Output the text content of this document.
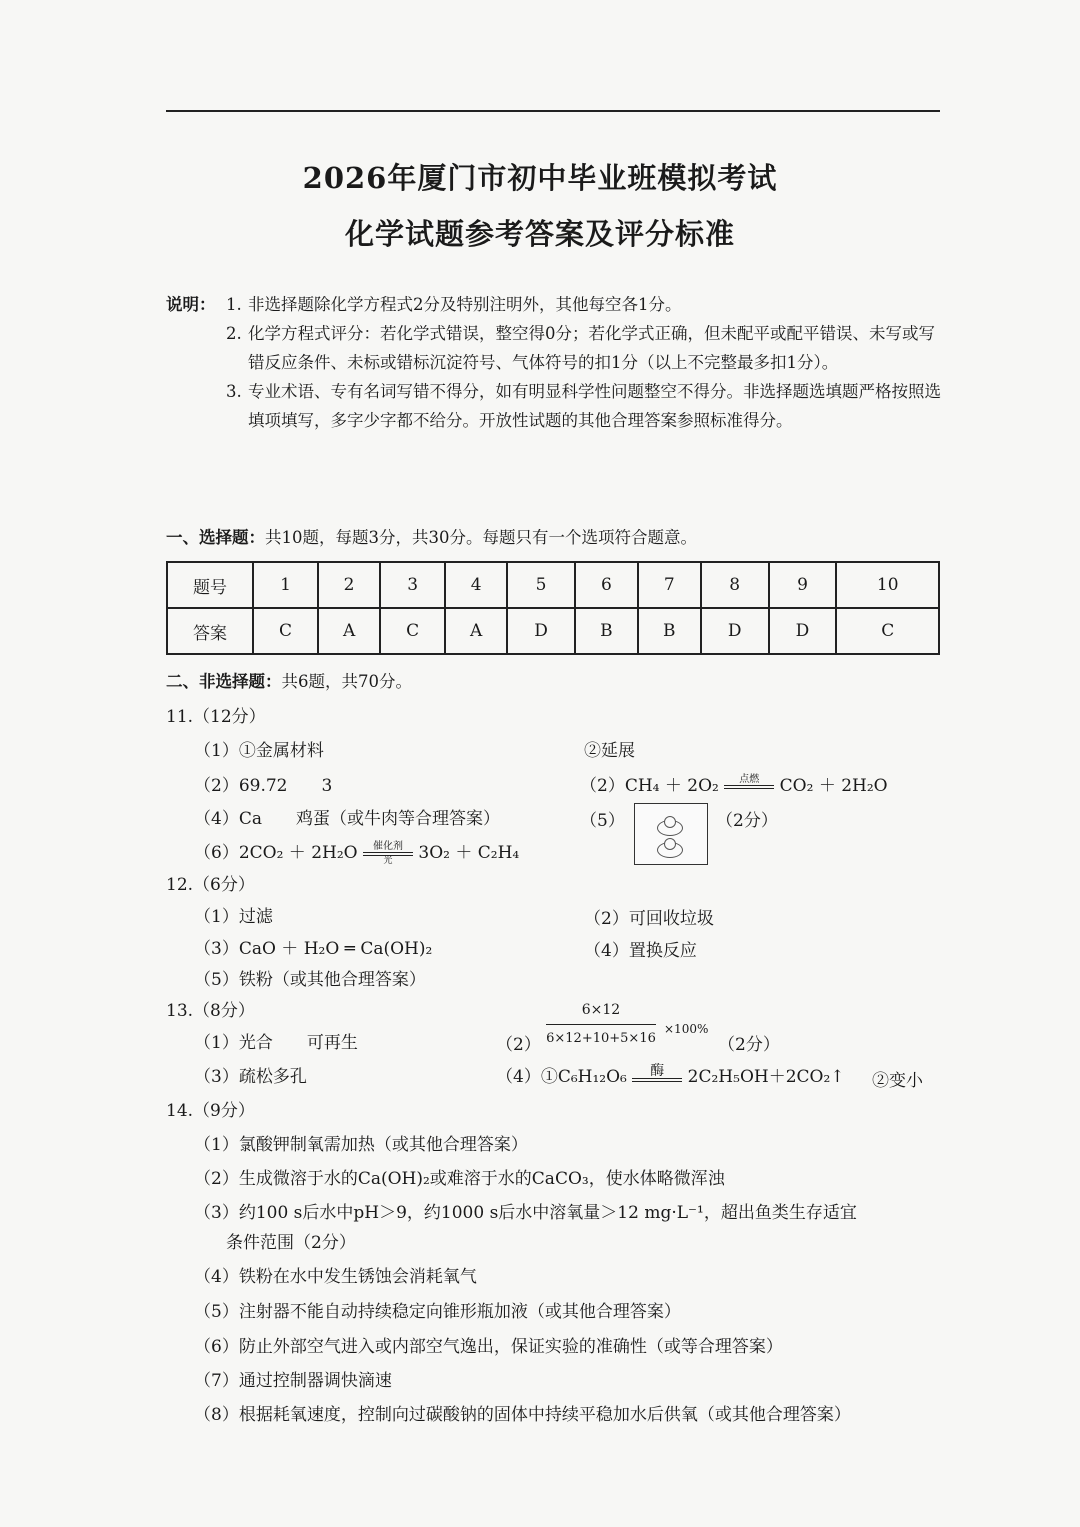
2026年厦门市初中毕业班模拟考试
化学试题参考答案及评分标准
说明： 1. 非选择题除化学方程式2分及特别注明外，其他每空各1分。
2. 化学方程式评分：若化学式错误，整空得0分；若化学式正确，但未配平或配平错误、未写或写错反应条件、未标或错标沉淀符号、气体符号的扣1分（以上不完整最多扣1分）。
3. 专业术语、专有名词写错不得分，如有明显科学性问题整空不得分。非选择题选填题严格按照选填项填写，多字少字都不给分。开放性试题的其他合理答案参照标准得分。
一、选择题：共10题，每题3分，共30分。每题只有一个选项符合题意。
题号	1	2	3	4	5	6	7	8	9	10
答案	C	A	C	A	D	B	B	D	D	C
二、非选择题：共6题，共70分。
11.（12分）
（1）①金属材料	②延展
（2）69.72　　3	（2）CH₄ ＋ 2O₂	点燃
	CO₂ ＋ 2H₂O
（4）Ca　　鸡蛋（或牛肉等合理答案）	（5）	（2分）
（6）2CO₂ ＋ 2H₂O	催化剂
光	3O₂ ＋ C₂H₄
12.（6分）
（1）过滤	（2）可回收垃圾
（3）CaO ＋ H₂O ═ Ca(OH)₂	（4）置换反应
（5）铁粉（或其他合理答案）
13.（8分）
（1）光合　　可再生	$(2) \frac{6\times 12}{6\times 12+10+5\times 16} \times 100\%$
（2分）
（3）疏松多孔	（4）①C₆H₁₂O₆	酶
	2C₂H₅OH＋2CO₂↑ ②变小
14.（9分）
（1）氯酸钾制氧需加热（或其他合理答案）
（2）生成微溶于水的Ca(OH)₂或难溶于水的CaCO₃，使水体略微浑浊
（3）约100 s后水中pH＞9，约1000 s后水中溶氧量＞12 mg·L⁻¹，超出鱼类生存适宜
条件范围（2分）
（4）铁粉在水中发生锈蚀会消耗氧气
（5）注射器不能自动持续稳定向锥形瓶加液（或其他合理答案）
（6）防止外部空气进入或内部空气逸出，保证实验的准确性（或等合理答案）
（7）通过控制器调快滴速
（8）根据耗氧速度，控制向过碳酸钠的固体中持续平稳加水后供氧（或其他合理答案）
